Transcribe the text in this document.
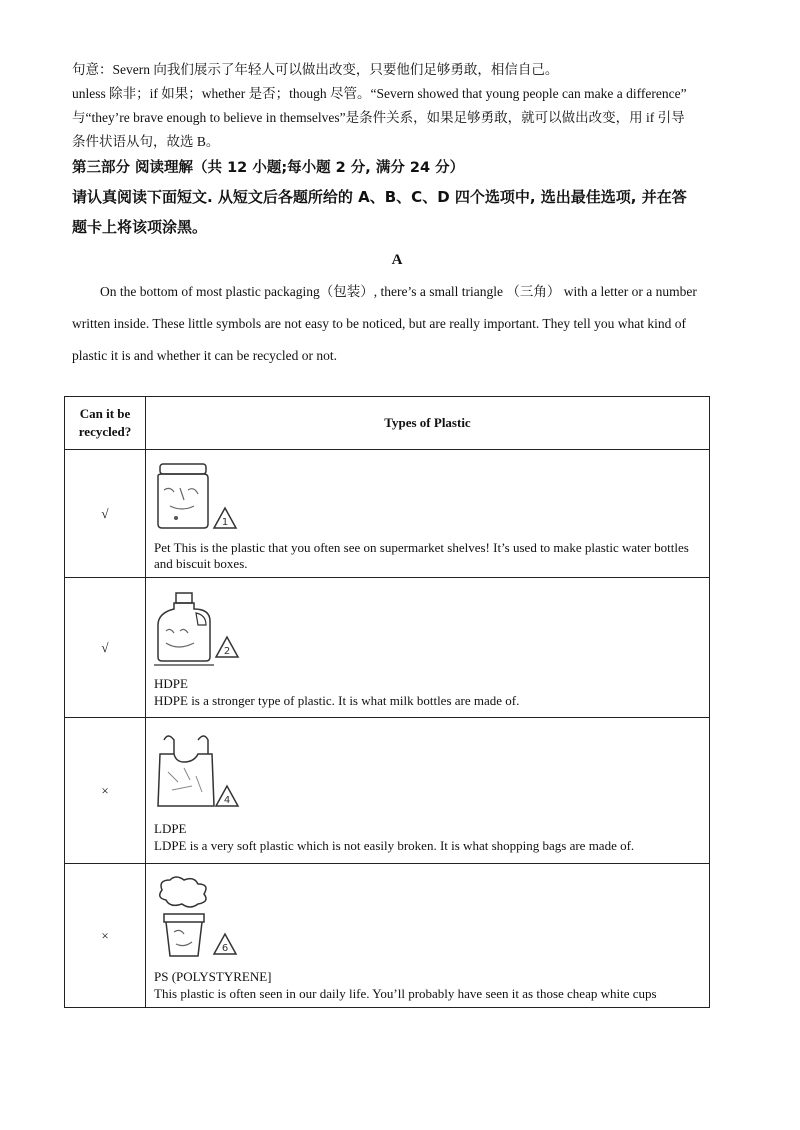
句意：Severn 向我们展示了年轻人可以做出改变，只要他们足够勇敢，相信自己。

unless 除非；if 如果；whether 是否；though 尽管。“Severn showed that young people can make a difference”

与“they’re brave enough to believe in themselves”是条件关系，如果足够勇敢，就可以做出改变，用 if 引导

条件状语从句，故选 B。

第三部分 阅读理解（共 12 小题;每小题 2 分, 满分 24 分）

请认真阅读下面短文. 从短文后各题所给的 A、B、C、D 四个选项中, 选出最佳选项, 并在答

题卡上将该项涂黑。

A

On the bottom of most plastic packaging（包装）, there’s a small triangle （三角） with a letter or a number

written inside. These little symbols are not easy to be noticed, but are really important. They tell you what kind of

plastic it is and whether it can be recycled or not.

Can it be recycled?	Types of Plastic
√	1
Pet This is the plastic that you often see on supermarket shelves! It’s used to make plastic water bottles and biscuit boxes.

√	2
HDPE
HDPE is a stronger type of plastic. It is what milk bottles are made of.

×	4
LDPE
LDPE is a very soft plastic which is not easily broken. It is what shopping bags are made of.

×	6
PS (POLYSTYRENE]
This plastic is often seen in our daily life. You’ll probably have seen it as those cheap white cups
